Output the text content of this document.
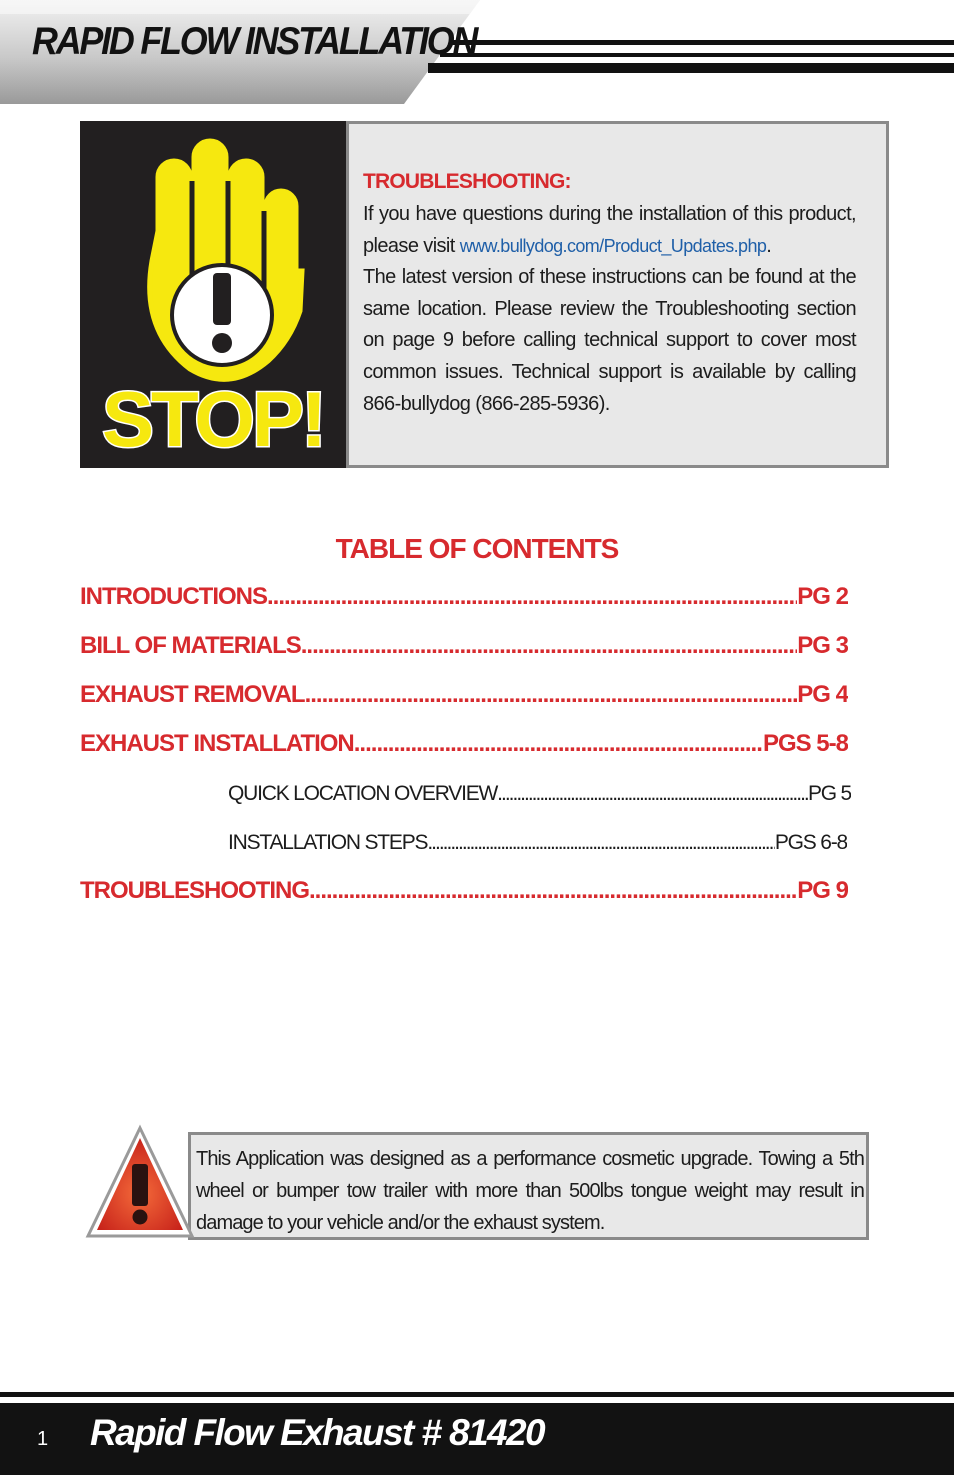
RAPID FLOW INSTALLATION
STOP!
TROUBLESHOOTING:

If you have questions during the installation of this product, please visit www.bullydog.com/Product_Updates.php.

The latest version of these instructions can be found at the same location. Please review the Troubleshooting section on page 9 before calling technical support to cover most common issues. Technical support is available by calling 866-bullydog (866-285-5936).

TABLE OF CONTENTS
INTRODUCTIONS .....	PG 2
BILL OF MATERIALS .....	PG 3
EXHAUST REMOVAL .....	PG 4
EXHAUST INSTALLATION .....	PGS 5-8
QUICK LOCATION OVERVIEW .....	PG 5
INSTALLATION STEPS .....	PGS 6-8
TROUBLESHOOTING .....	PG 9
This Application was designed as a performance cosmetic upgrade. Towing a 5th wheel or bumper tow trailer with more than 500lbs tongue weight may result in damage to your vehicle and/or the exhaust system.
1 Rapid Flow Exhaust # 81420
